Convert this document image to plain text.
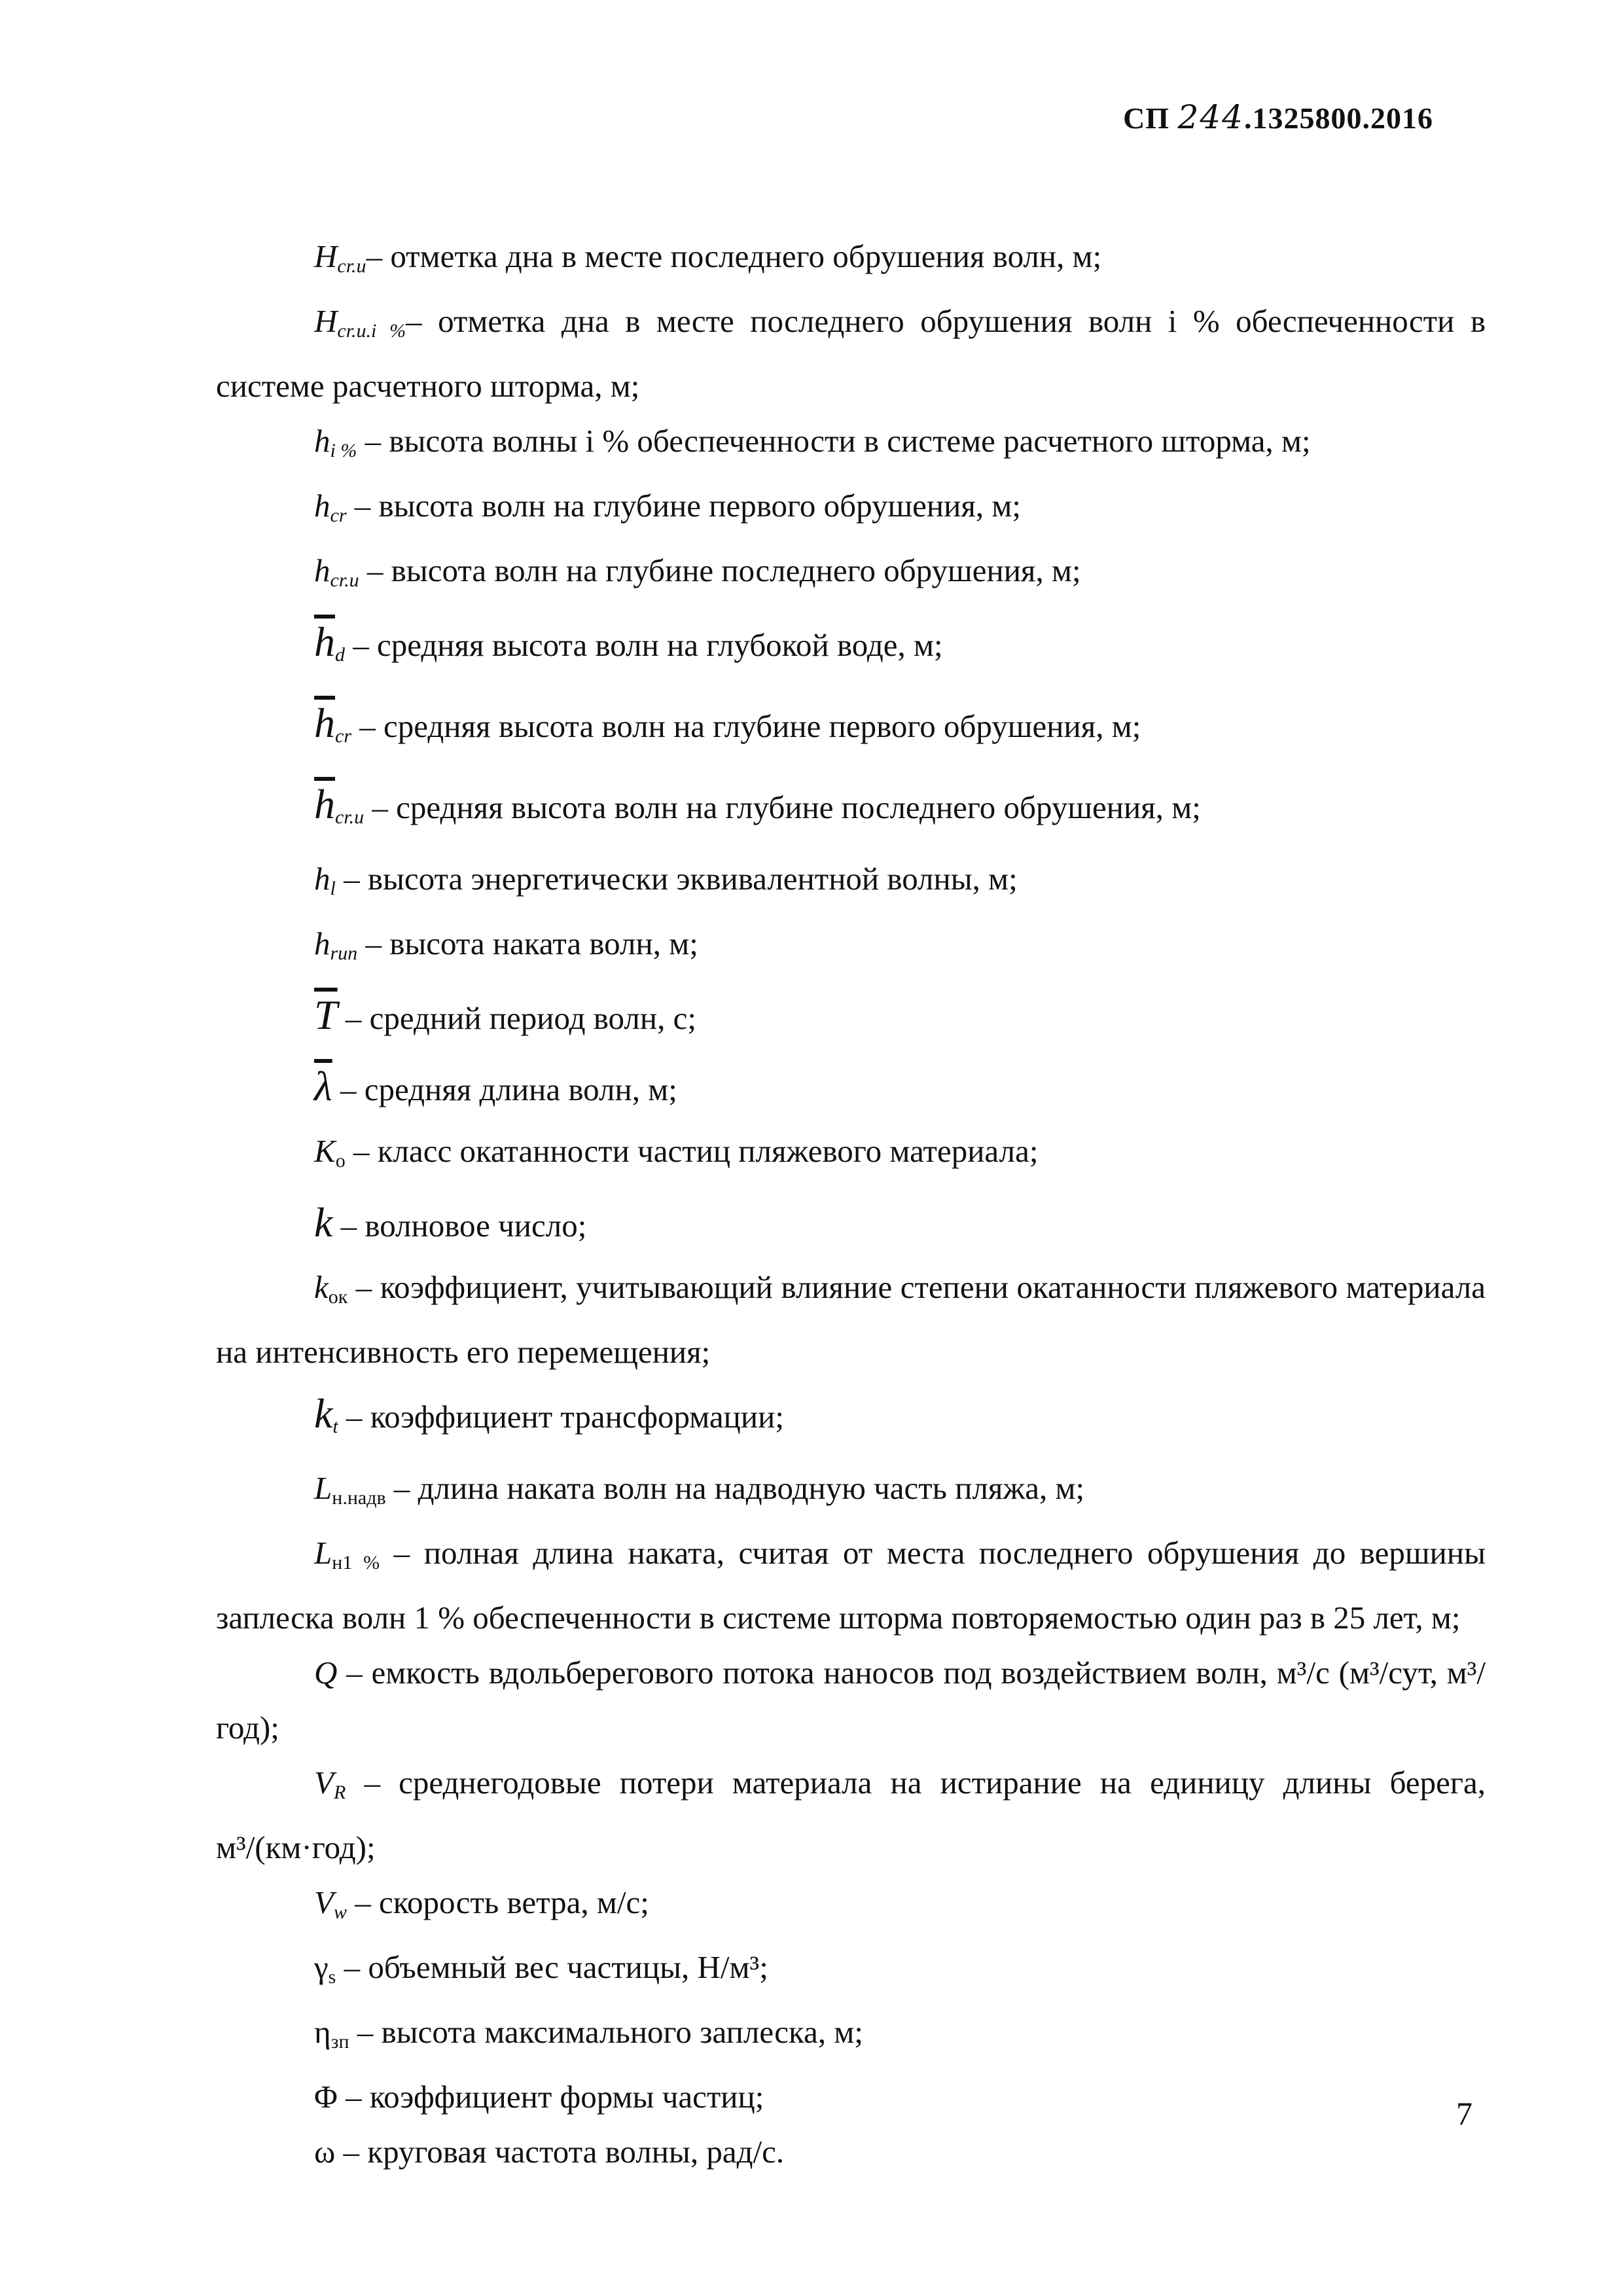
СП 244.1325800.2016

$H_{cr.u}-$ отметка дна в месте последнего обрушения волн, м;

$H_{cr.u.i \%}-$ отметка дна в месте последнего обрушения волн i % обеспеченности в системе расчетного шторма, м;

$h_{i \%}$ – высота волны i % обеспеченности в системе расчетного шторма, м;

$h_{cr}$ – высота волн на глубине первого обрушения, м;

$h_{cr.u}$ – высота волн на глубине последнего обрушения, м;

$\overline{h}_d$ – средняя высота волн на глубокой воде, м;

$\overline{h}_{cr}$ – средняя высота волн на глубине первого обрушения, м;

$\overline{h}_{cr.u}$ – средняя высота волн на глубине последнего обрушения, м;

$h_l$ – высота энергетически эквивалентной волны, м;

$h_{run}$ – высота наката волн, м;

$\overline{T}$ – средний период волн, с;

$\overline{\lambda}$ – средняя длина волн, м;

$K_о$ – класс окатанности частиц пляжевого материала;

k – волновое число;

$k_{ок}$ – коэффициент, учитывающий влияние степени окатанности пляжевого материала на интенсивность его перемещения;

$k_t$ – коэффициент трансформации;

$L_{н.надв}$ – длина наката волн на надводную часть пляжа, м;

$L_{н1 \%}$ – полная длина наката, считая от места последнего обрушения до вершины заплеска волн 1 % обеспеченности в системе шторма повторяемостью один раз в 25 лет, м;

Q – емкость вдольберегового потока наносов под воздействием волн, м³/с (м³/сут, м³/год);

$V_R$ – среднегодовые потери материала на истирание на единицу длины берега, м³/(км·год);

$V_w$ – скорость ветра, м/с;

$\gamma_s$ – объемный вес частицы, Н/м³;

$\eta_{зп}$ – высота максимального заплеска, м;

Φ – коэффициент формы частиц;

ω – круговая частота волны, рад/с.

7
